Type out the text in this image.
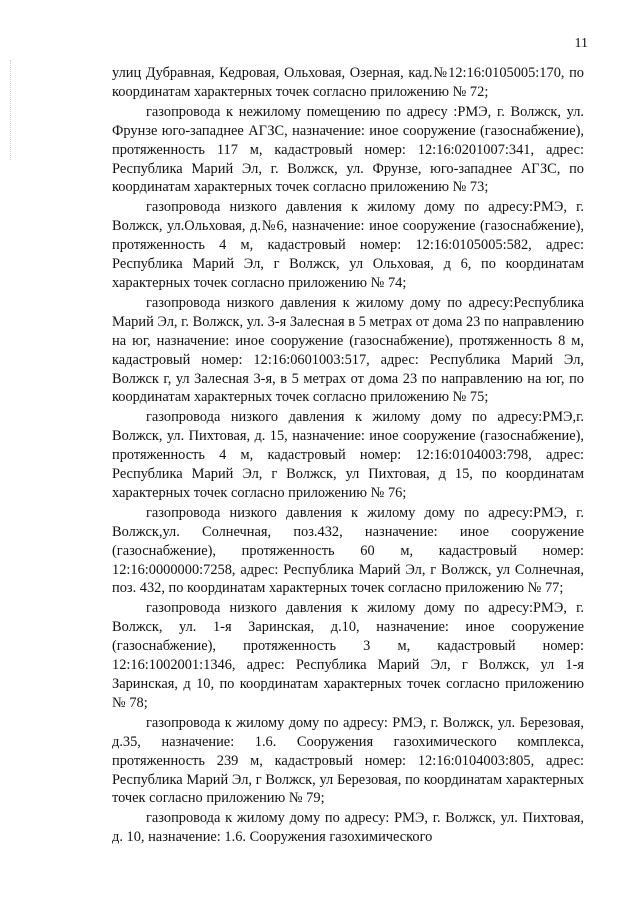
11

улиц Дубравная, Кедровая, Ольховая, Озерная, кад.№12:16:0105005:170, по координатам характерных точек согласно приложению № 72;

газопровода к нежилому помещению по адресу :РМЭ, г. Волжск, ул. Фрунзе юго-западнее АГЗС, назначение: иное сооружение (газоснабжение), протяженность 117 м, кадастровый номер: 12:16:0201007:341, адрес: Республика Марий Эл, г. Волжск, ул. Фрунзе, юго-западнее АГЗС, по координатам характерных точек согласно приложению № 73;

газопровода низкого давления к жилому дому по адресу:РМЭ, г. Волжск, ул.Ольховая, д.№6, назначение: иное сооружение (газоснабжение), протяженность 4 м, кадастровый номер: 12:16:0105005:582, адрес: Республика Марий Эл, г Волжск, ул Ольховая, д 6, по координатам характерных точек согласно приложению № 74;

газопровода низкого давления к жилому дому по адресу:Республика Марий Эл, г. Волжск, ул. 3-я Залесная в 5 метрах от дома 23 по направлению на юг, назначение: иное сооружение (газоснабжение), протяженность 8 м, кадастровый номер: 12:16:0601003:517, адрес: Республика Марий Эл, Волжск г, ул Залесная 3-я, в 5 метрах от дома 23 по направлению на юг, по координатам характерных точек согласно приложению № 75;

газопровода низкого давления к жилому дому по адресу:РМЭ,г. Волжск, ул. Пихтовая, д. 15, назначение: иное сооружение (газоснабжение), протяженность 4 м, кадастровый номер: 12:16:0104003:798, адрес: Республика Марий Эл, г Волжск, ул Пихтовая, д 15, по координатам характерных точек согласно приложению № 76;

газопровода низкого давления к жилому дому по адресу:РМЭ, г. Волжск,ул. Солнечная, поз.432, назначение: иное сооружение (газоснабжение), протяженность 60 м, кадастровый номер: 12:16:0000000:7258, адрес: Республика Марий Эл, г Волжск, ул Солнечная, поз. 432, по координатам характерных точек согласно приложению № 77;

газопровода низкого давления к жилому дому по адресу:РМЭ, г. Волжск, ул. 1-я Заринская, д.10, назначение: иное сооружение (газоснабжение), протяженность 3 м, кадастровый номер: 12:16:1002001:1346, адрес: Республика Марий Эл, г Волжск, ул 1-я Заринская, д 10, по координатам характерных точек согласно приложению № 78;

газопровода к жилому дому по адресу: РМЭ, г. Волжск, ул. Березовая, д.35, назначение: 1.6. Сооружения газохимического комплекса, протяженность 239 м, кадастровый номер: 12:16:0104003:805, адрес: Республика Марий Эл, г Волжск, ул Березовая, по координатам характерных точек согласно приложению № 79;

газопровода к жилому дому по адресу: РМЭ, г. Волжск, ул. Пихтовая, д. 10, назначение: 1.6. Сооружения газохимического
